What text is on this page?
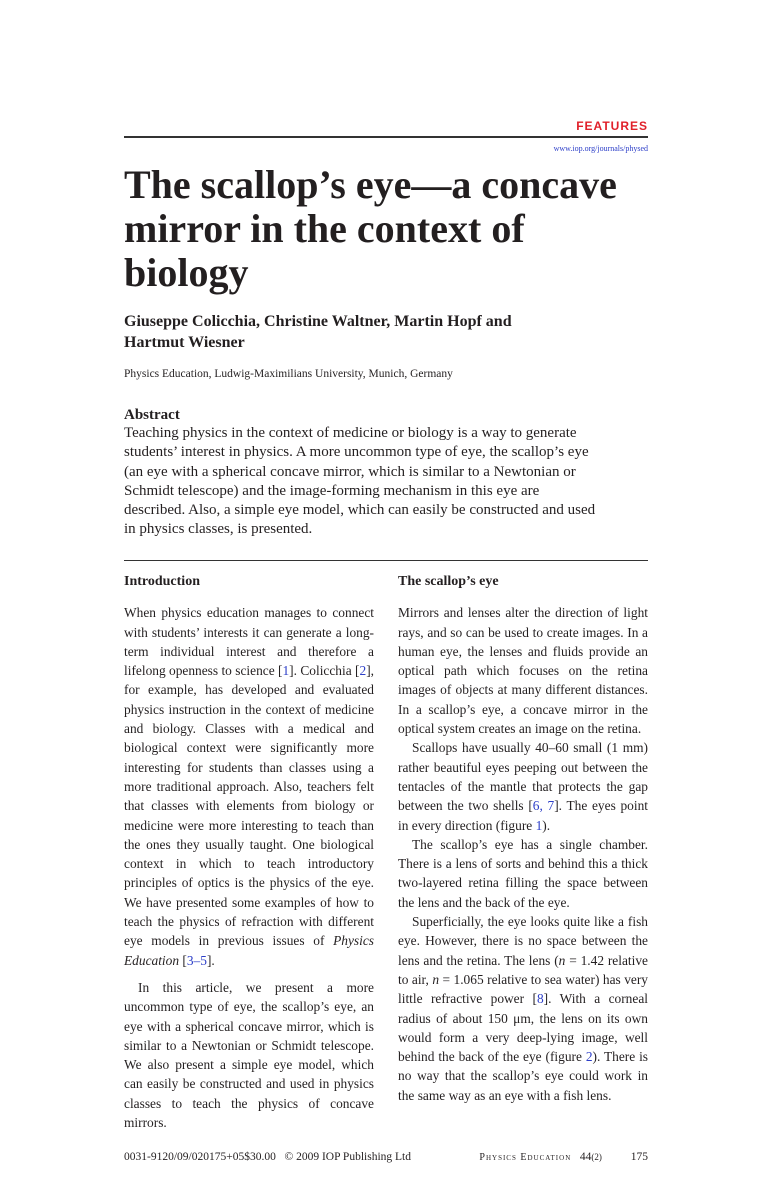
FEATURES
www.iop.org/journals/physed
The scallop’s eye—a concave mirror in the context of biology
Giuseppe Colicchia, Christine Waltner, Martin Hopf and Hartmut Wiesner
Physics Education, Ludwig-Maximilians University, Munich, Germany
Abstract
Teaching physics in the context of medicine or biology is a way to generate students’ interest in physics. A more uncommon type of eye, the scallop’s eye (an eye with a spherical concave mirror, which is similar to a Newtonian or Schmidt telescope) and the image-forming mechanism in this eye are described. Also, a simple eye model, which can easily be constructed and used in physics classes, is presented.
Introduction

When physics education manages to connect with students’ interests it can generate a long-term individual interest and therefore a lifelong openness to science [1]. Colicchia [2], for example, has developed and evaluated physics instruction in the context of medicine and biology. Classes with a medical and biological context were significantly more interesting for students than classes using a more traditional approach. Also, teachers felt that classes with elements from biology or medicine were more interesting to teach than the ones they usually taught. One biological context in which to teach introductory principles of optics is the physics of the eye. We have presented some examples of how to teach the physics of refraction with different eye models in previous issues of Physics Education [3–5].

In this article, we present a more uncommon type of eye, the scallop’s eye, an eye with a spherical concave mirror, which is similar to a Newtonian or Schmidt telescope. We also present a simple eye model, which can easily be constructed and used in physics classes to teach the physics of concave mirrors.

The scallop’s eye

Mirrors and lenses alter the direction of light rays, and so can be used to create images. In a human eye, the lenses and fluids provide an optical path which focuses on the retina images of objects at many different distances. In a scallop’s eye, a concave mirror in the optical system creates an image on the retina.

Scallops have usually 40–60 small (1 mm) rather beautiful eyes peeping out between the tentacles of the mantle that protects the gap between the two shells [6, 7]. The eyes point in every direction (figure 1).

The scallop’s eye has a single chamber. There is a lens of sorts and behind this a thick two-layered retina filling the space between the lens and the back of the eye.

Superficially, the eye looks quite like a fish eye. However, there is no space between the lens and the retina. The lens (n = 1.42 relative to air, n = 1.065 relative to sea water) has very little refractive power [8]. With a corneal radius of about 150 μm, the lens on its own would form a very deep-lying image, well behind the back of the eye (figure 2). There is no way that the scallop’s eye could work in the same way as an eye with a fish lens.

0031-9120/09/020175+05$30.00 © 2009 IOP Publishing Ltd	Physics Education 44(2)	175
